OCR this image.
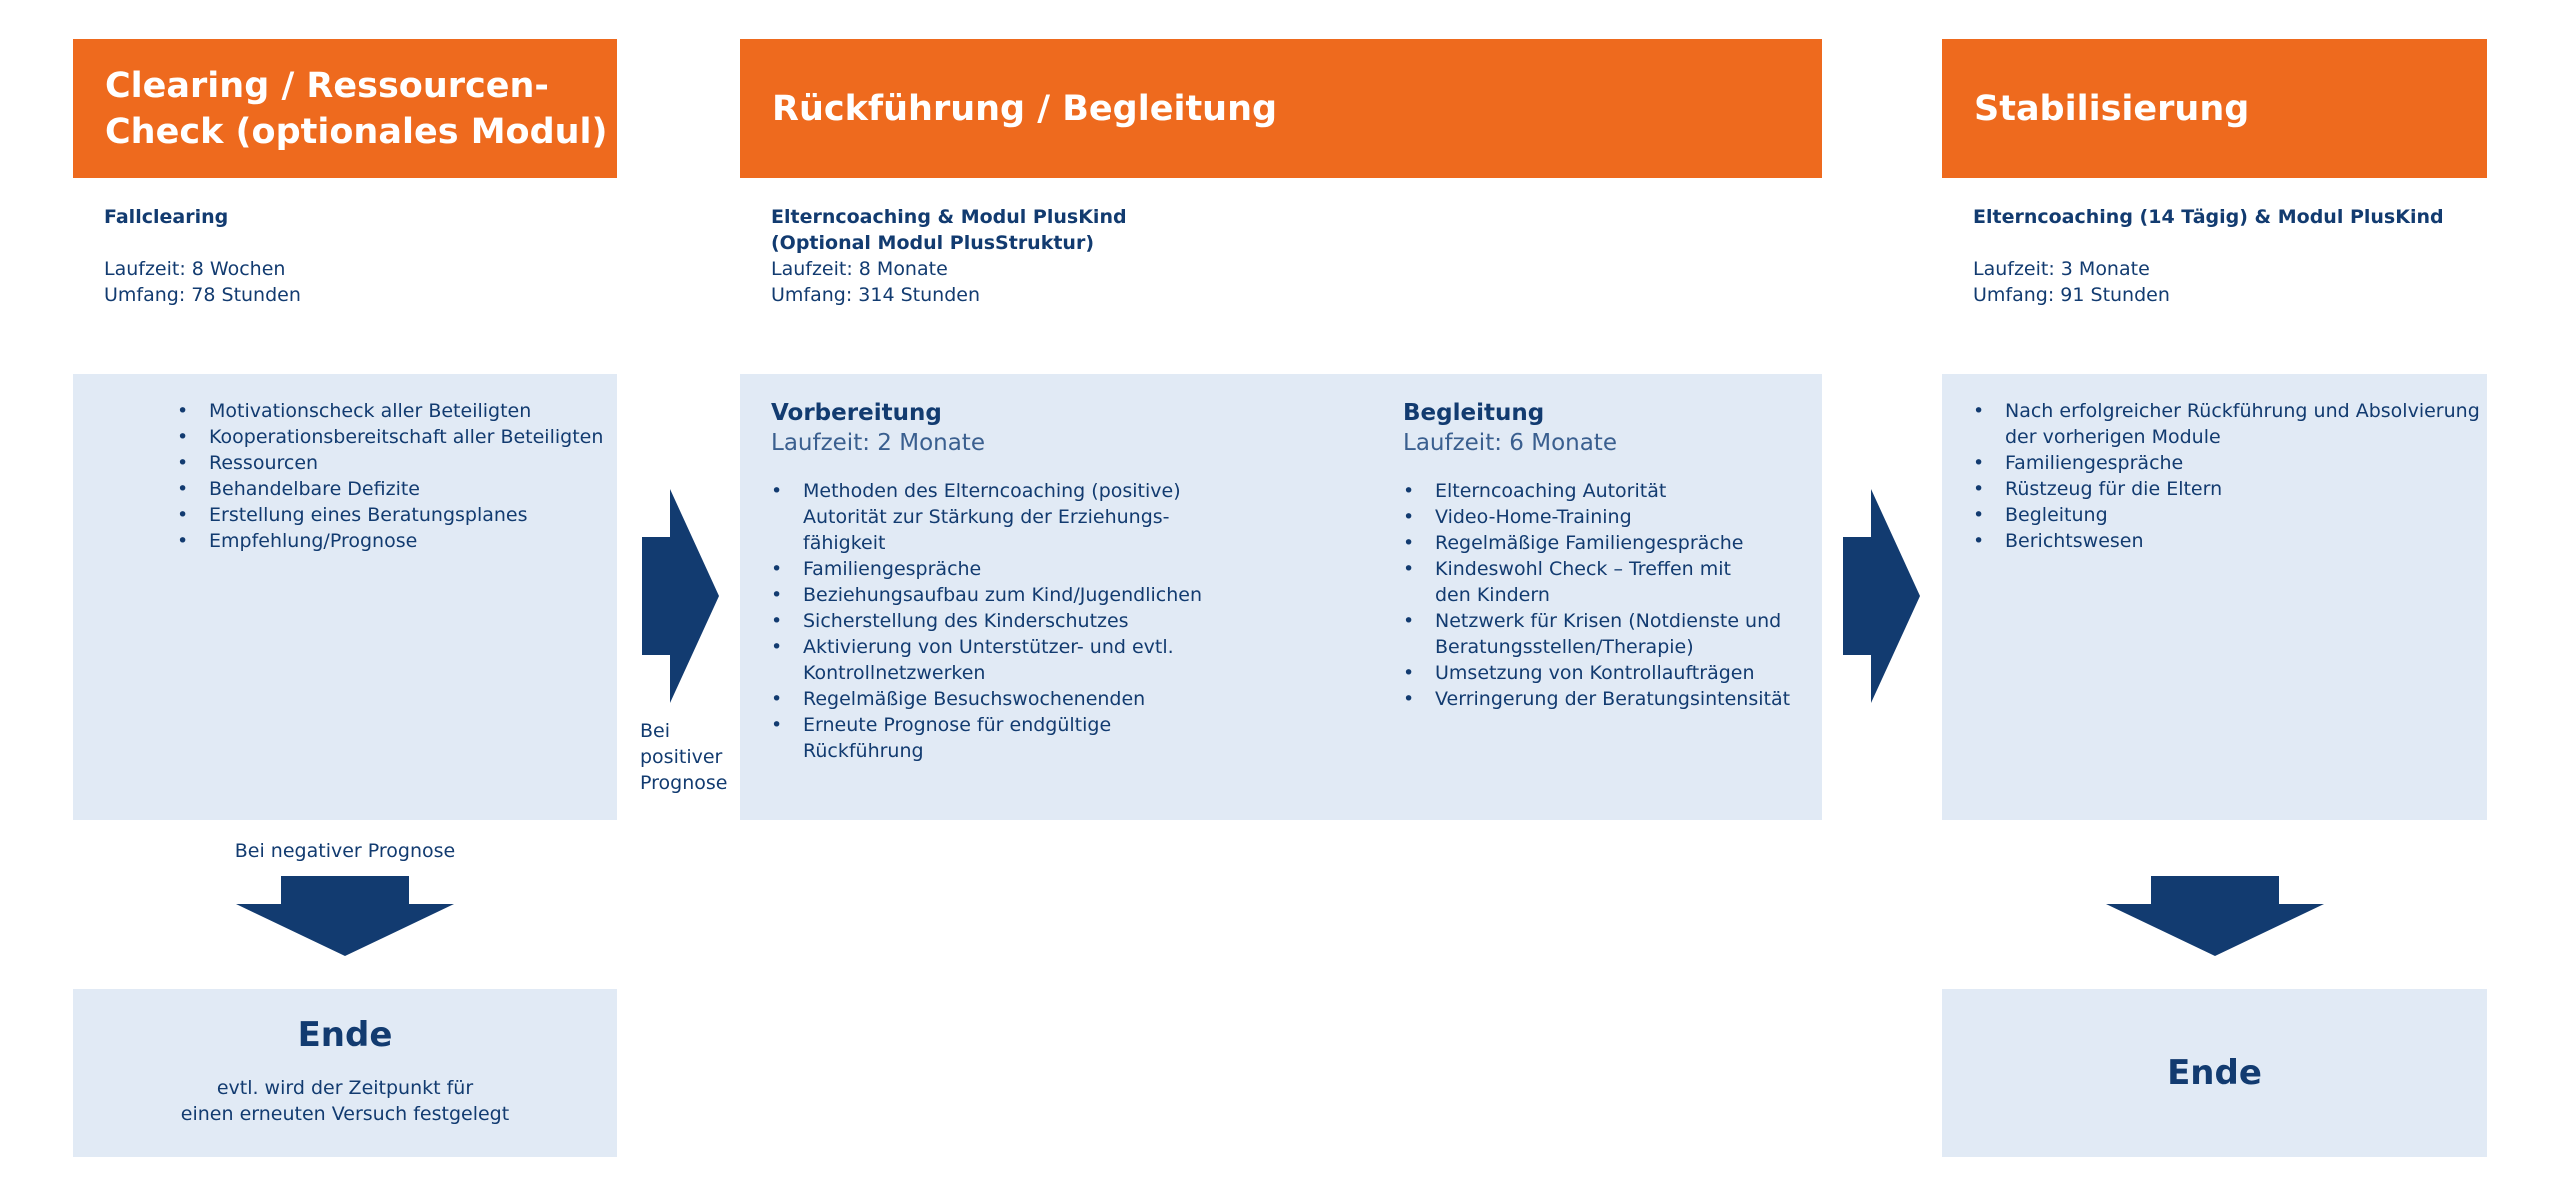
Clearing / Ressourcen-
Check (optionales Modul)
Fallclearing
Laufzeit: 8 Wochen
Umfang: 78 Stunden
• Motivationscheck aller Beteiligten
• Kooperationsbereitschaft aller Beteiligten
• Ressourcen
• Behandelbare Defizite
• Erstellung eines Beratungsplanes
• Empfehlung/Prognose
Bei negativer Prognose
Ende
evtl. wird der Zeitpunkt für
einen erneuten Versuch festgelegt
Bei
positiver
Prognose
Rückführung / Begleitung
Elterncoaching & Modul PlusKind
(Optional Modul PlusStruktur)
Laufzeit: 8 Monate
Umfang: 314 Stunden
Vorbereitung
Laufzeit: 2 Monate
• Methoden des Elterncoaching (positive)
Autorität zur Stärkung der Erziehungs-
fähigkeit
• Familiengespräche
• Beziehungsaufbau zum Kind/Jugendlichen
• Sicherstellung des Kinderschutzes
• Aktivierung von Unterstützer- und evtl.
Kontrollnetzwerken
• Regelmäßige Besuchswochenenden
• Erneute Prognose für endgültige
Rückführung
Begleitung
Laufzeit: 6 Monate
• Elterncoaching Autorität
• Video-Home-Training
• Regelmäßige Familiengespräche
• Kindeswohl Check – Treffen mit
den Kindern
• Netzwerk für Krisen (Notdienste und
Beratungsstellen/Therapie)
• Umsetzung von Kontrollaufträgen
• Verringerung der Beratungsintensität
Stabilisierung
Elterncoaching (14 Tägig) & Modul PlusKind
Laufzeit: 3 Monate
Umfang: 91 Stunden
• Nach erfolgreicher Rückführung und Absolvierung
der vorherigen Module
• Familiengespräche
• Rüstzeug für die Eltern
• Begleitung
• Berichtswesen
Ende
